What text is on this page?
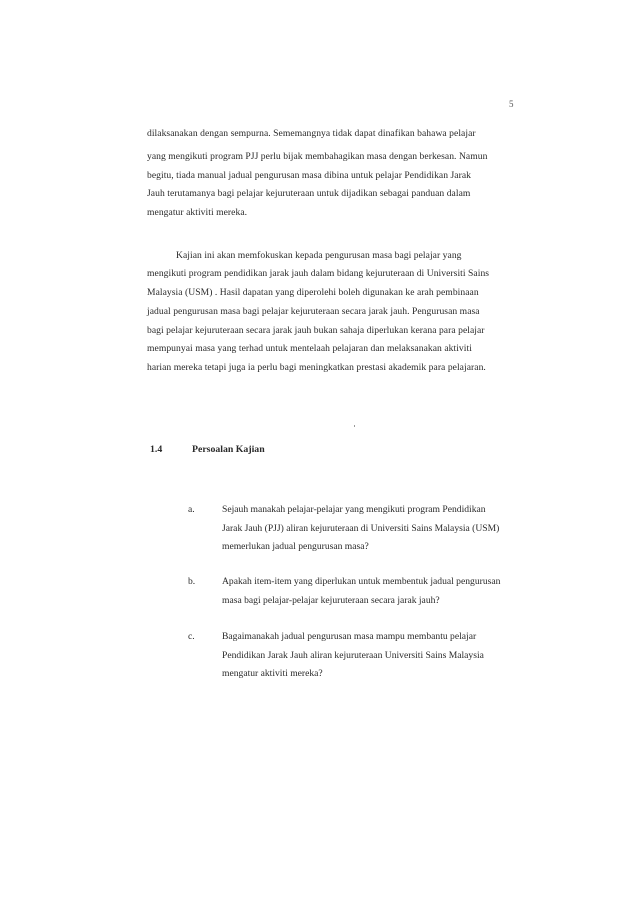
5
dilaksanakan dengan sempurna. Sememangnya tidak dapat dinafikan bahawa pelajar
yang mengikuti program PJJ perlu bijak membahagikan masa dengan berkesan. Namun
begitu, tiada manual jadual pengurusan masa dibina untuk pelajar Pendidikan Jarak
Jauh terutamanya bagi pelajar kejuruteraan untuk dijadikan sebagai panduan dalam
mengatur aktiviti mereka.
Kajian ini akan memfokuskan kepada pengurusan masa bagi pelajar yang
mengikuti program pendidikan jarak jauh dalam bidang kejuruteraan di Universiti Sains
Malaysia (USM) . Hasil dapatan yang diperolehi boleh digunakan ke arah pembinaan
jadual pengurusan masa bagi pelajar kejuruteraan secara jarak jauh. Pengurusan masa
bagi pelajar kejuruteraan secara jarak jauh bukan sahaja diperlukan kerana para pelajar
mempunyai masa yang terhad untuk mentelaah pelajaran dan melaksanakan aktiviti
harian mereka tetapi juga ia perlu bagi meningkatkan prestasi akademik para pelajaran.
1.4	Persoalan Kajian
a.	Sejauh manakah pelajar-pelajar yang mengikuti program Pendidikan
Jarak Jauh (PJJ) aliran kejuruteraan di Universiti Sains Malaysia (USM)
memerlukan jadual pengurusan masa?
b.	Apakah item-item yang diperlukan untuk membentuk jadual pengurusan
masa bagi pelajar-pelajar kejuruteraan secara jarak jauh?
c.	Bagaimanakah jadual pengurusan masa mampu membantu pelajar
Pendidikan Jarak Jauh aliran kejuruteraan Universiti Sains Malaysia
mengatur aktiviti mereka?
